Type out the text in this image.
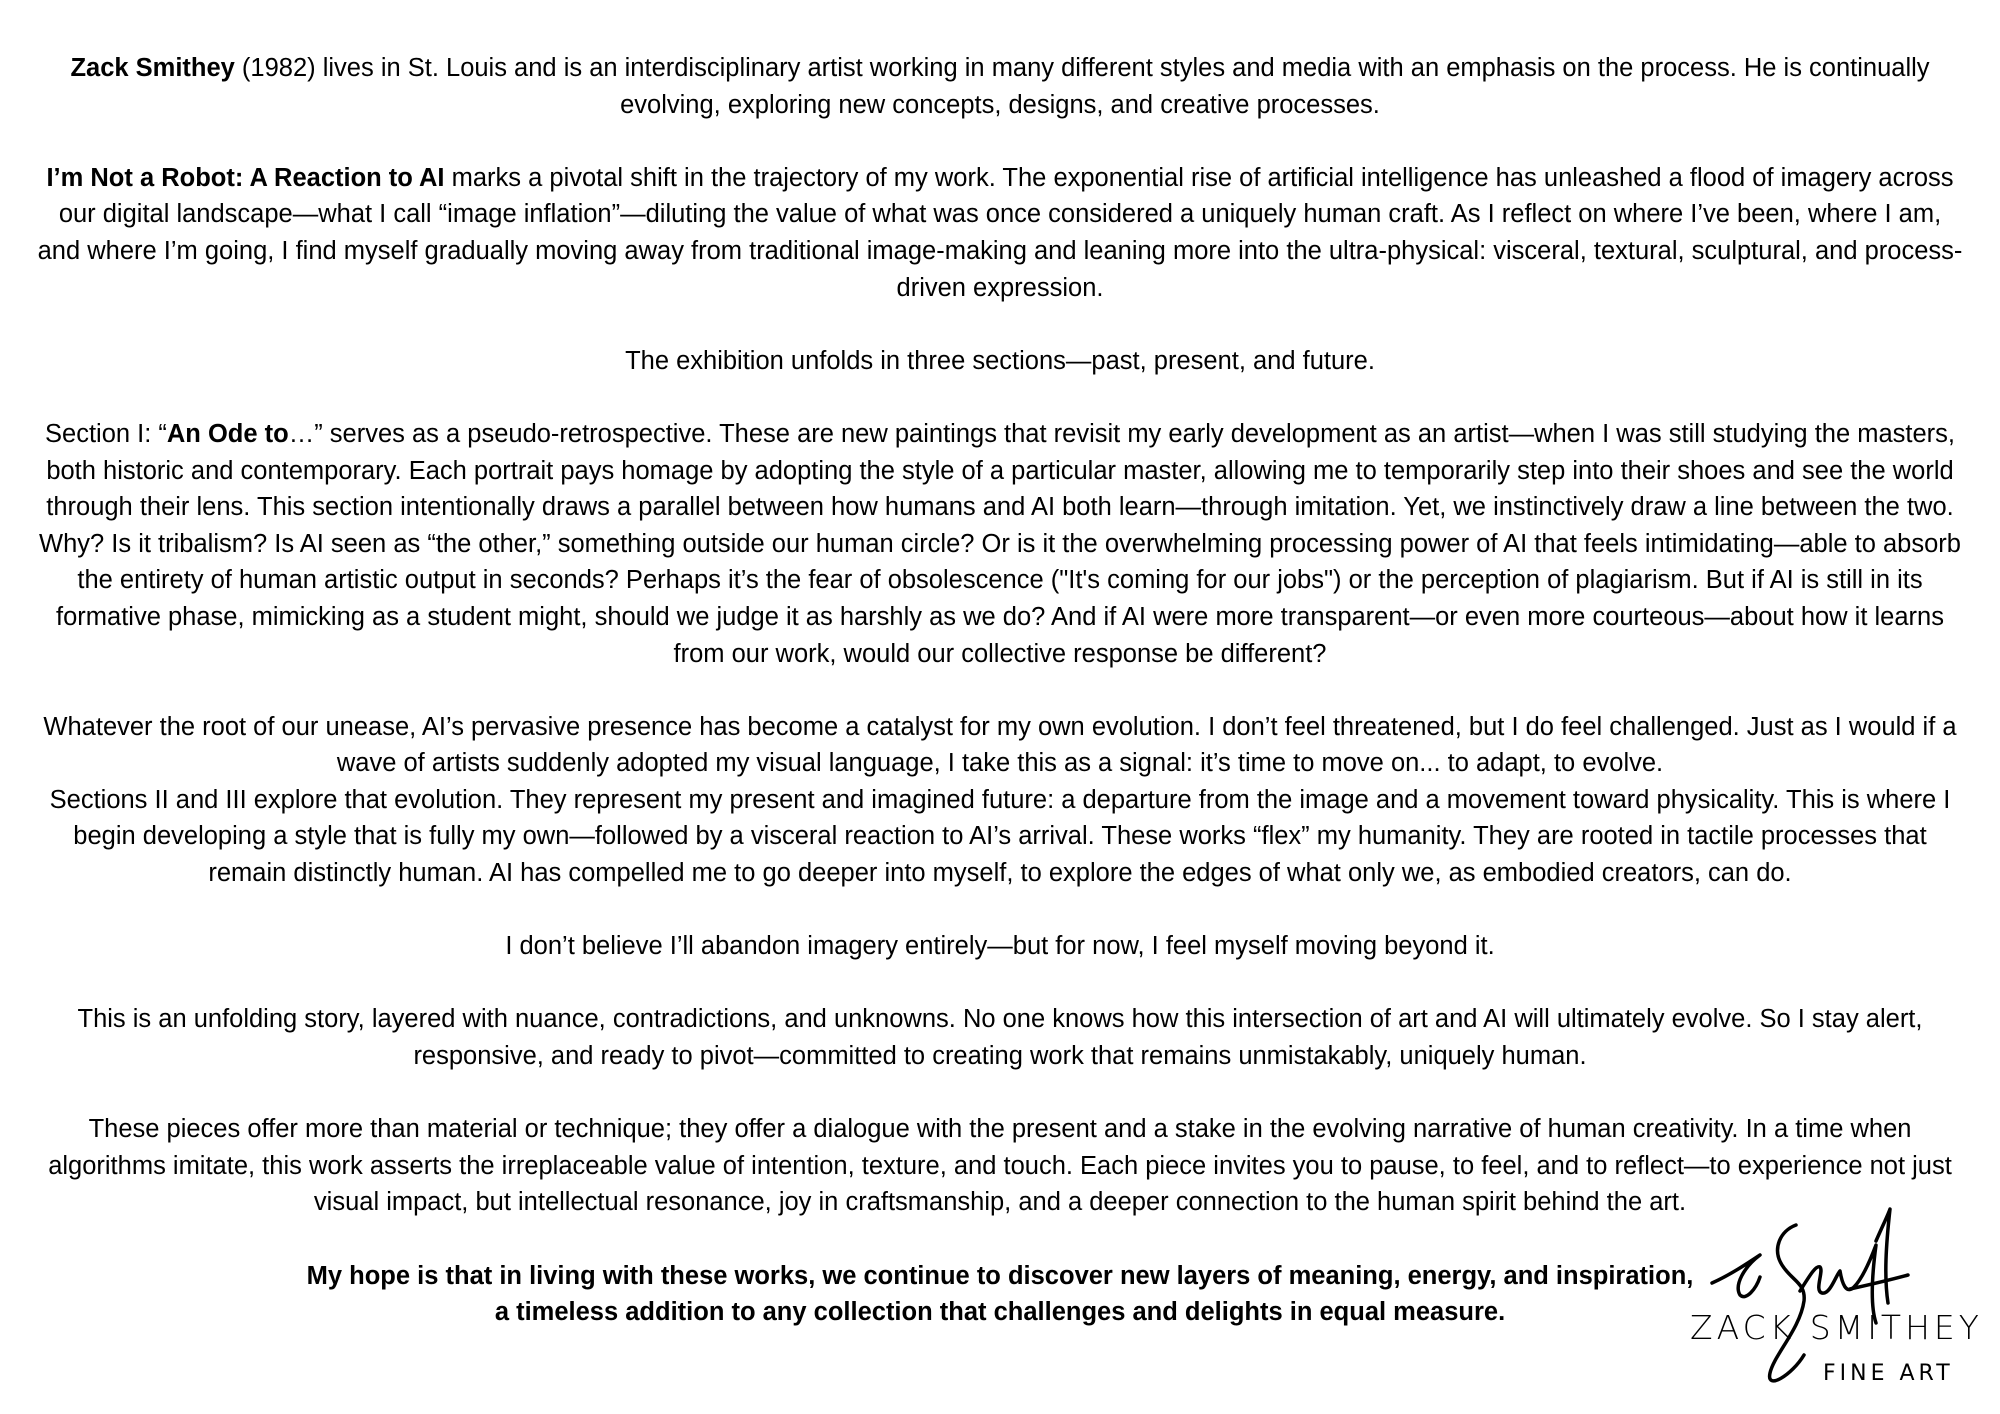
Zack Smithey (1982) lives in St. Louis and is an interdisciplinary artist working in many different styles and media with an emphasis on the process. He is continually evolving, exploring new concepts, designs, and creative processes.

I’m Not a Robot: A Reaction to AI marks a pivotal shift in the trajectory of my work. The exponential rise of artificial intelligence has unleashed a flood of imagery across our digital landscape—what I call “image inflation”—diluting the value of what was once considered a uniquely human craft. As I reflect on where I’ve been, where I am, and where I’m going, I find myself gradually moving away from traditional image-making and leaning more into the ultra-physical: visceral, textural, sculptural, and process-driven expression.

The exhibition unfolds in three sections—past, present, and future.

Section I: “An Ode to…” serves as a pseudo-retrospective. These are new paintings that revisit my early development as an artist—when I was still studying the masters, both historic and contemporary. Each portrait pays homage by adopting the style of a particular master, allowing me to temporarily step into their shoes and see the world through their lens. This section intentionally draws a parallel between how humans and AI both learn—through imitation. Yet, we instinctively draw a line between the two. Why? Is it tribalism? Is AI seen as “the other,” something outside our human circle? Or is it the overwhelming processing power of AI that feels intimidating—able to absorb the entirety of human artistic output in seconds? Perhaps it’s the fear of obsolescence ("It's coming for our jobs") or the perception of plagiarism. But if AI is still in its formative phase, mimicking as a student might, should we judge it as harshly as we do? And if AI were more transparent—or even more courteous—about how it learns from our work, would our collective response be different?

Whatever the root of our unease, AI’s pervasive presence has become a catalyst for my own evolution. I don’t feel threatened, but I do feel challenged. Just as I would if a wave of artists suddenly adopted my visual language, I take this as a signal: it’s time to move on... to adapt, to evolve.

Sections II and III explore that evolution. They represent my present and imagined future: a departure from the image and a movement toward physicality. This is where I begin developing a style that is fully my own—followed by a visceral reaction to AI’s arrival. These works “flex” my humanity. They are rooted in tactile processes that remain distinctly human. AI has compelled me to go deeper into myself, to explore the edges of what only we, as embodied creators, can do.

I don’t believe I’ll abandon imagery entirely—but for now, I feel myself moving beyond it.

This is an unfolding story, layered with nuance, contradictions, and unknowns. No one knows how this intersection of art and AI will ultimately evolve. So I stay alert, responsive, and ready to pivot—committed to creating work that remains unmistakably, uniquely human.

These pieces offer more than material or technique; they offer a dialogue with the present and a stake in the evolving narrative of human creativity. In a time when algorithms imitate, this work asserts the irreplaceable value of intention, texture, and touch. Each piece invites you to pause, to feel, and to reflect—to experience not just visual impact, but intellectual resonance, joy in craftsmanship, and a deeper connection to the human spirit behind the art.

My hope is that in living with these works, we continue to discover new layers of meaning, energy, and inspiration,
a timeless addition to any collection that challenges and delights in equal measure.	ZACK SMITHEY
FINE ART
